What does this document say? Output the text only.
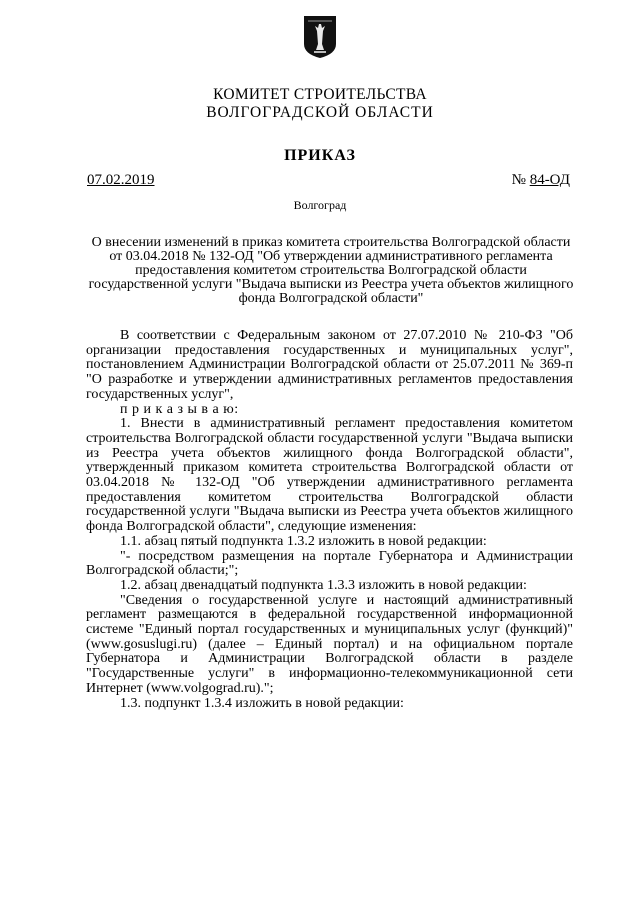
КОМИТЕТ СТРОИТЕЛЬСТВА
ВОЛГОГРАДСКОЙ ОБЛАСТИ
ПРИКАЗ
07.02.2019	№ 84-ОД
Волгоград
О внесении изменений в приказ комитета строительства Волгоградской области от 03.04.2018 № 132-ОД "Об утверждении административного регламента предоставления комитетом строительства Волгоградской области государственной услуги "Выдача выписки из Реестра учета объектов жилищного фонда Волгоградской области"

В соответствии с Федеральным законом от 27.07.2010 № 210-ФЗ "Об организации предоставления государственных и муниципальных услуг", постановлением Администрации Волгоградской области от 25.07.2011 № 369-п "О разработке и утверждении административных регламентов предоставления государственных услуг",

п р и к а з ы в а ю:

1. Внести в административный регламент предоставления комитетом строительства Волгоградской области государственной услуги "Выдача выписки из Реестра учета объектов жилищного фонда Волгоградской области", утвержденный приказом комитета строительства Волгоградской области от 03.04.2018 № 132-ОД "Об утверждении административного регламента предоставления комитетом строительства Волгоградской области государственной услуги "Выдача выписки из Реестра учета объектов жилищного фонда Волгоградской области", следующие изменения:

1.1. абзац пятый подпункта 1.3.2 изложить в новой редакции:

"- посредством размещения на портале Губернатора и Администрации Волгоградской области;";

1.2. абзац двенадцатый подпункта 1.3.3 изложить в новой редакции:

"Сведения о государственной услуге и настоящий административный регламент размещаются в федеральной государственной информационной системе "Единый портал государственных и муниципальных услуг (функций)" (www.gosuslugi.ru) (далее – Единый портал) и на официальном портале Губернатора и Администрации Волгоградской области в разделе "Государственные услуги" в информационно-телекоммуникационной сети Интернет (www.volgograd.ru).";

1.3. подпункт 1.3.4 изложить в новой редакции:
